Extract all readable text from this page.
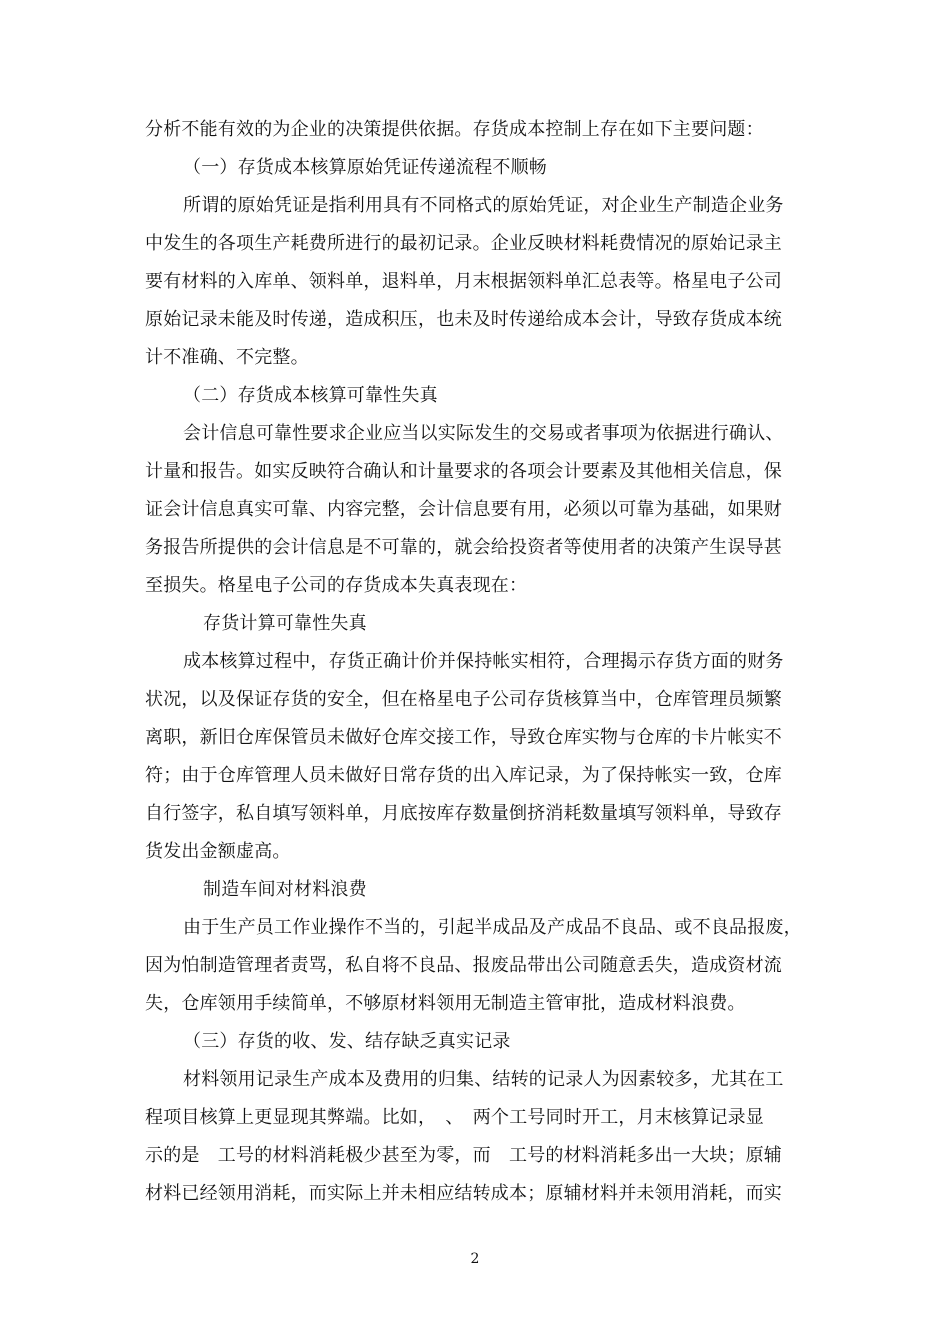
分析不能有效的为企业的决策提供依据。存货成本控制上存在如下主要问题：
（一）存货成本核算原始凭证传递流程不顺畅
所谓的原始凭证是指利用具有不同格式的原始凭证，对企业生产制造企业务
中发生的各项生产耗费所进行的最初记录。企业反映材料耗费情况的原始记录主
要有材料的入库单、领料单，退料单，月末根据领料单汇总表等。格星电子公司
原始记录未能及时传递，造成积压，也未及时传递给成本会计，导致存货成本统
计不准确、不完整。
（二）存货成本核算可靠性失真
会计信息可靠性要求企业应当以实际发生的交易或者事项为依据进行确认、
计量和报告。如实反映符合确认和计量要求的各项会计要素及其他相关信息，保
证会计信息真实可靠、内容完整，会计信息要有用，必须以可靠为基础，如果财
务报告所提供的会计信息是不可靠的，就会给投资者等使用者的决策产生误导甚
至损失。格星电子公司的存货成本失真表现在：
存货计算可靠性失真
成本核算过程中，存货正确计价并保持帐实相符，合理揭示存货方面的财务
状况，以及保证存货的安全，但在格星电子公司存货核算当中，仓库管理员频繁
离职，新旧仓库保管员未做好仓库交接工作，导致仓库实物与仓库的卡片帐实不
符；由于仓库管理人员未做好日常存货的出入库记录，为了保持帐实一致，仓库
自行签字，私自填写领料单，月底按库存数量倒挤消耗数量填写领料单，导致存
货发出金额虚高。
制造车间对材料浪费
由于生产员工作业操作不当的，引起半成品及产成品不良品、或不良品报废，
因为怕制造管理者责骂，私自将不良品、报废品带出公司随意丢失，造成资材流
失，仓库领用手续简单，不够原材料领用无制造主管审批，造成材料浪费。
（三）存货的收、发、结存缺乏真实记录
材料领用记录生产成本及费用的归集、结转的记录人为因素较多，尤其在工
程项目核算上更显现其弊端。比如，　、　两个工号同时开工，月末核算记录显
示的是　工号的材料消耗极少甚至为零，而　工号的材料消耗多出一大块；原辅
材料已经领用消耗，而实际上并未相应结转成本；原辅材料并未领用消耗，而实
2
